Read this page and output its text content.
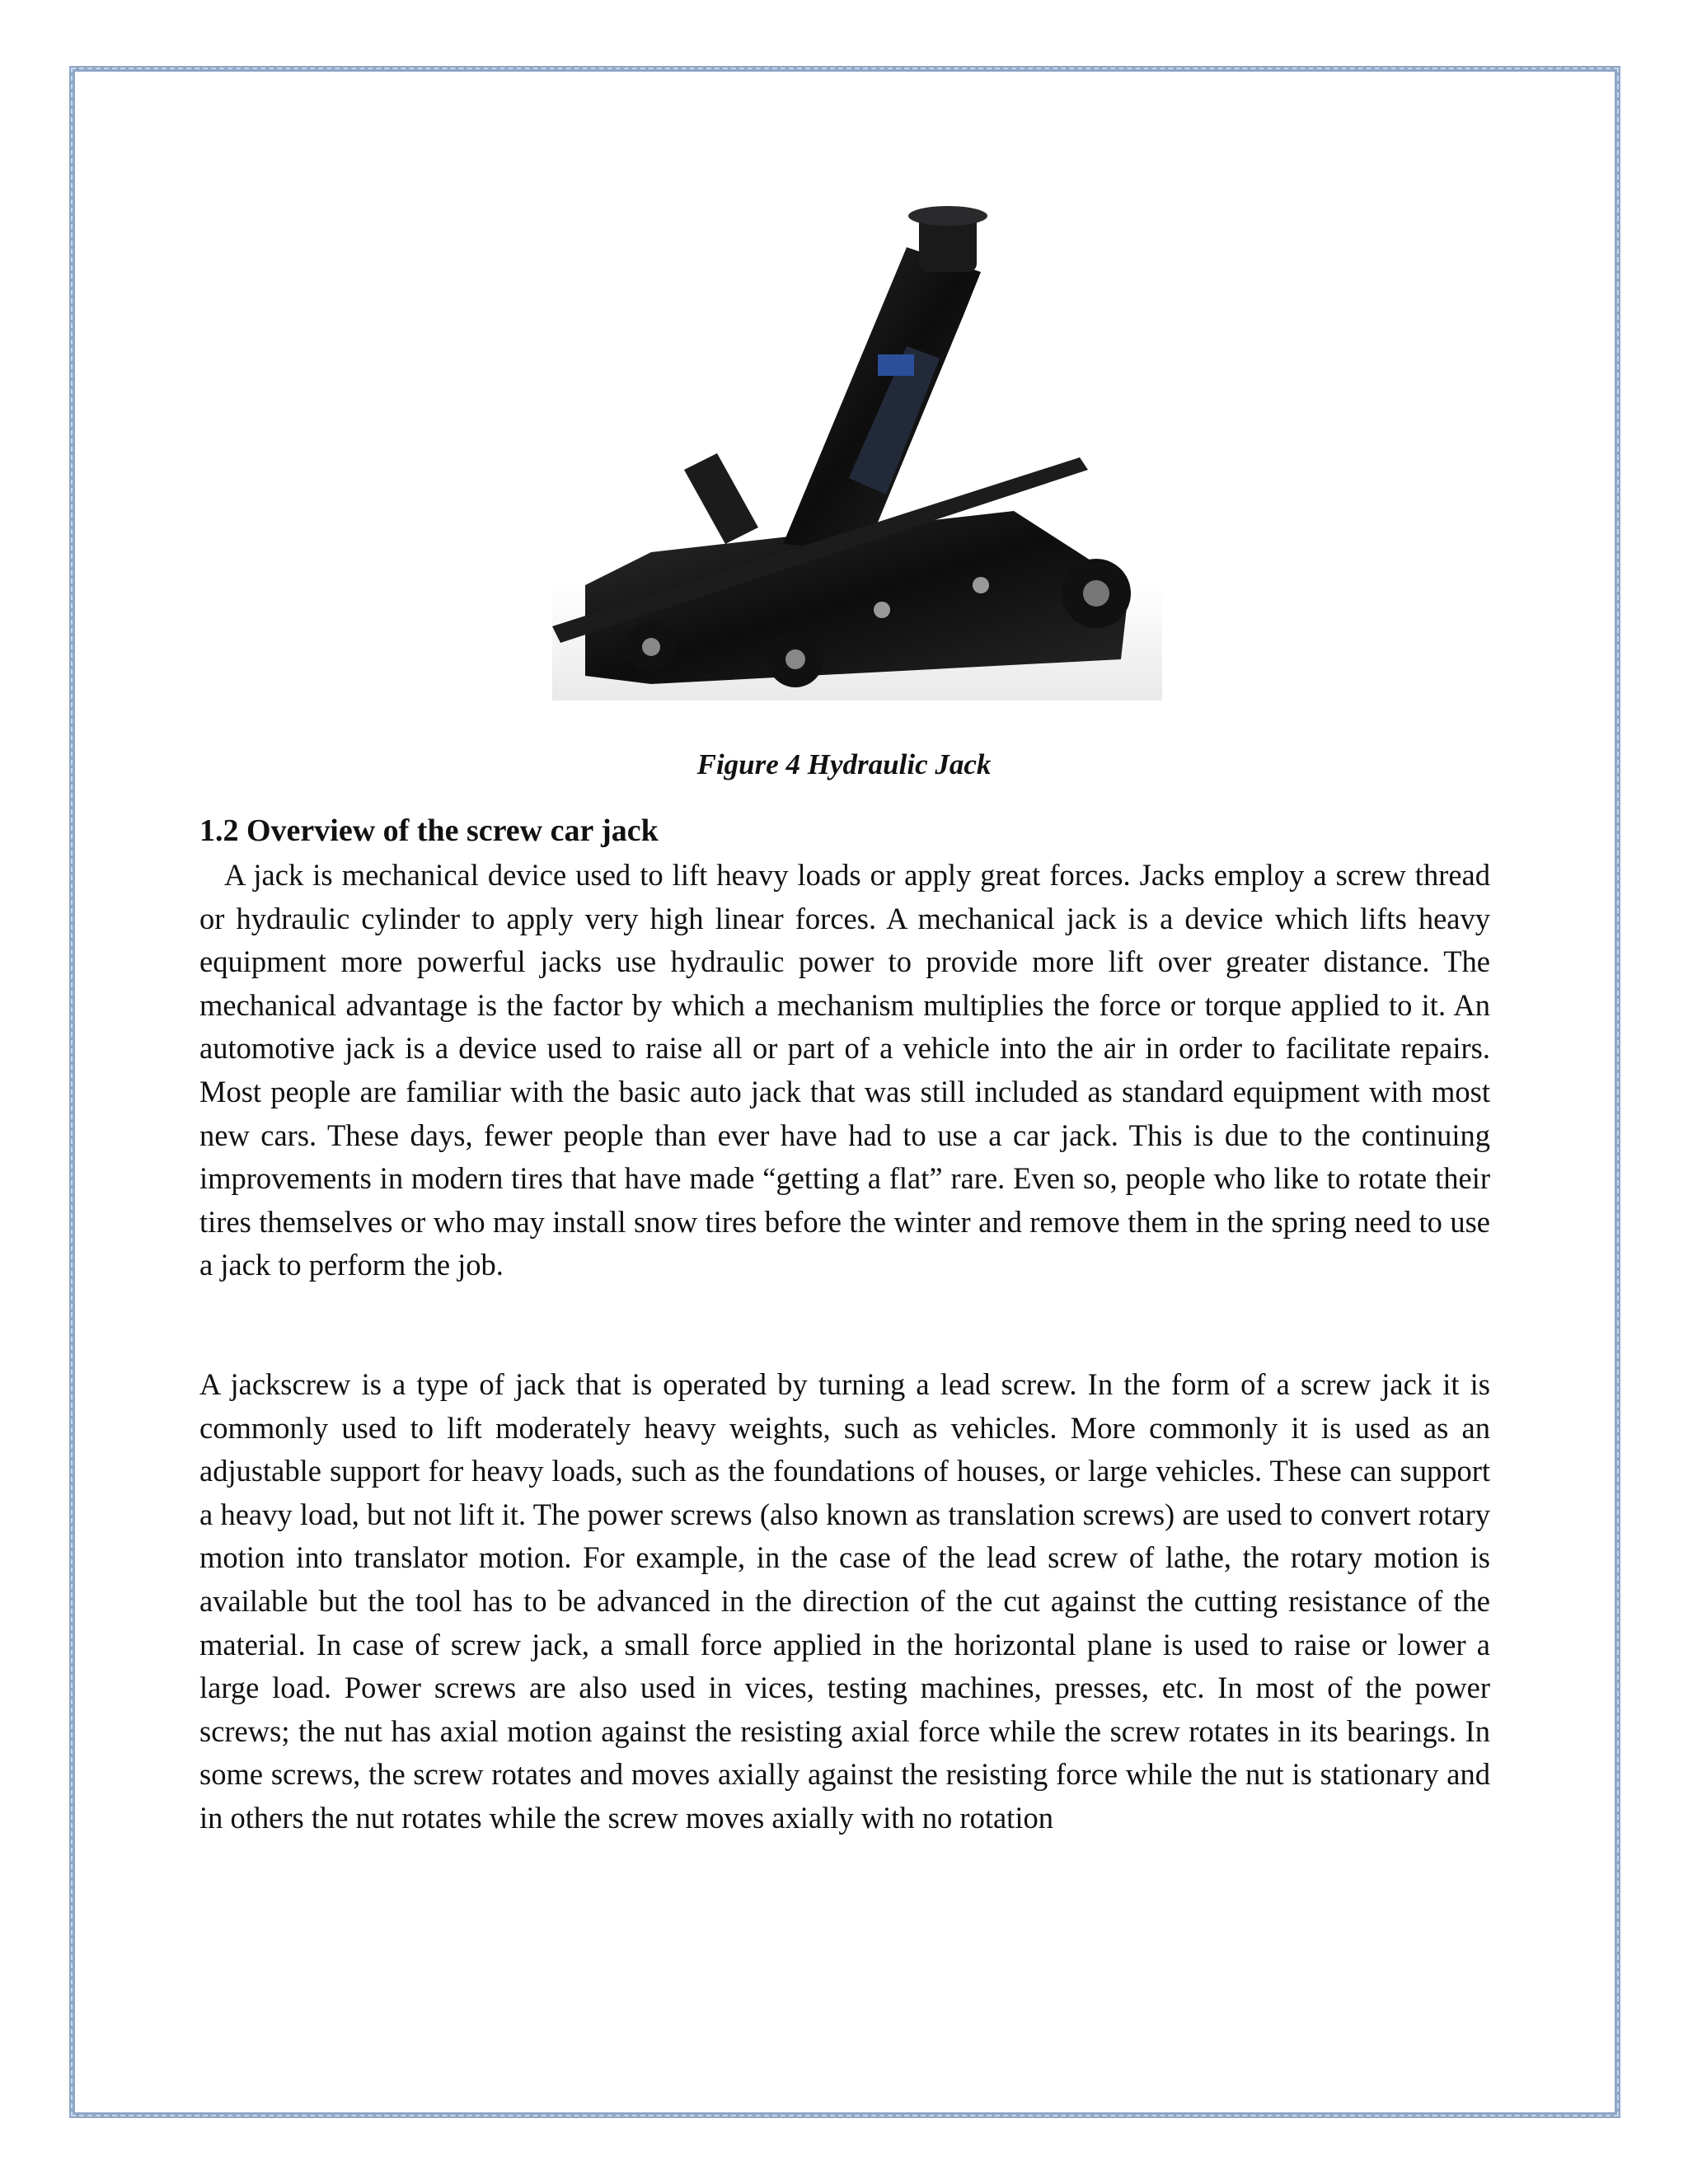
Figure 4 Hydraulic Jack
1.2 Overview of the screw car jack

A jack is mechanical device used to lift heavy loads or apply great forces. Jacks employ a screw thread or hydraulic cylinder to apply very high linear forces. A mechanical jack is a device which lifts heavy equipment more powerful jacks use hydraulic power to provide more lift over greater distance. The mechanical advantage is the factor by which a mechanism multiplies the force or torque applied to it. An automotive jack is a device used to raise all or part of a vehicle into the air in order to facilitate repairs. Most people are familiar with the basic auto jack that was still included as standard equipment with most new cars. These days, fewer people than ever have had to use a car jack. This is due to the continuing improvements in modern tires that have made “getting a flat” rare. Even so, people who like to rotate their tires themselves or who may install snow tires before the winter and remove them in the spring need to use a jack to perform the job.

A jackscrew is a type of jack that is operated by turning a lead screw. In the form of a screw jack it is commonly used to lift moderately heavy weights, such as vehicles. More commonly it is used as an adjustable support for heavy loads, such as the foundations of houses, or large vehicles. These can support a heavy load, but not lift it. The power screws (also known as translation screws) are used to convert rotary motion into translator motion. For example, in the case of the lead screw of lathe, the rotary motion is available but the tool has to be advanced in the direction of the cut against the cutting resistance of the material. In case of screw jack, a small force applied in the horizontal plane is used to raise or lower a large load. Power screws are also used in vices, testing machines, presses, etc. In most of the power screws; the nut has axial motion against the resisting axial force while the screw rotates in its bearings. In some screws, the screw rotates and moves axially against the resisting force while the nut is stationary and in others the nut rotates while the screw moves axially with no rotation
